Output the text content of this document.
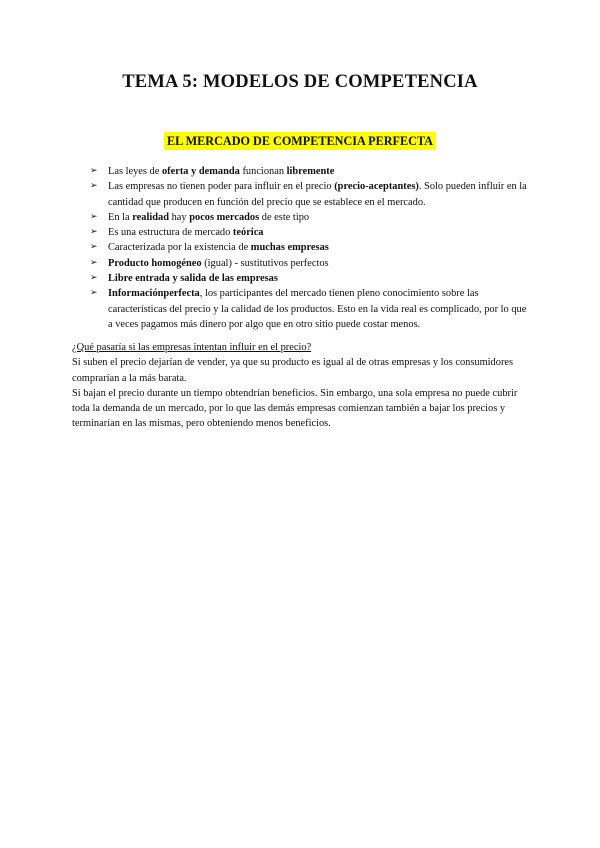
TEMA 5: MODELOS DE COMPETENCIA
EL MERCADO DE COMPETENCIA PERFECTA
➢ Las leyes de oferta y demanda funcionan libremente
➢ Las empresas no tienen poder para influir en el precio (precio-aceptantes). Solo pueden influir en la cantidad que producen en función del precio que se establece en el mercado.
➢ En la realidad hay pocos mercados de este tipo
➢ Es una estructura de mercado teórica
➢ Caracterizada por la existencia de muchas empresas
➢ Producto homogéneo (igual) - sustitutivos perfectos
➢ Libre entrada y salida de las empresas
➢ Informaciónperfecta, los participantes del mercado tienen pleno conocimiento sobre las características del precio y la calidad de los productos. Esto en la vida real es complicado, por lo que a veces pagamos más dinero por algo que en otro sitio puede costar menos.

¿Qué pasaría si las empresas intentan influir en el precio?

Si suben el precio dejarían de vender, ya que su producto es igual al de otras empresas y los consumidores comprarían a la más barata.

Si bajan el precio durante un tiempo obtendrían beneficios. Sin embargo, una sola empresa no puede cubrir toda la demanda de un mercado, por lo que las demás empresas comienzan también a bajar los precios y terminarían en las mismas, pero obteniendo menos beneficios.
